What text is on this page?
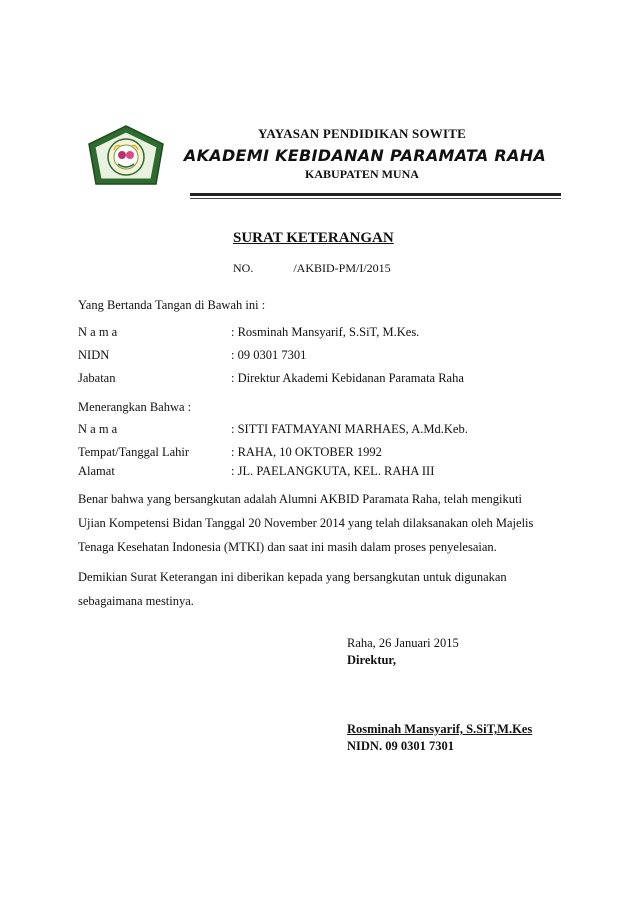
YAYASAN PENDIDIKAN SOWITE
AKADEMI KEBIDANAN PARAMATA RAHA
KABUPATEN MUNA
SURAT KETERANGAN
NO.	/AKBID-PM/I/2015
Yang Bertanda Tangan di Bawah ini :
N a m a	: Rosminah Mansyarif, S.SiT, M.Kes.
NIDN	: 09 0301 7301
Jabatan	: Direktur Akademi Kebidanan Paramata Raha
Menerangkan Bahwa :
N a m a	: SITTI FATMAYANI MARHAES, A.Md.Keb.
Tempat/Tanggal Lahir	: RAHA, 10 OKTOBER 1992
Alamat	: JL. PAELANGKUTA, KEL. RAHA III
Benar bahwa yang bersangkutan adalah Alumni AKBID Paramata Raha, telah mengikuti
Ujian Kompetensi Bidan Tanggal 20 November 2014 yang telah dilaksanakan oleh Majelis
Tenaga Kesehatan Indonesia (MTKI) dan saat ini masih dalam proses penyelesaian.
Demikian Surat Keterangan ini diberikan kepada yang bersangkutan untuk digunakan
sebagaimana mestinya.
Raha, 26 Januari 2015
Direktur,
Rosminah Mansyarif, S.SiT,M.Kes
NIDN. 09 0301 7301
